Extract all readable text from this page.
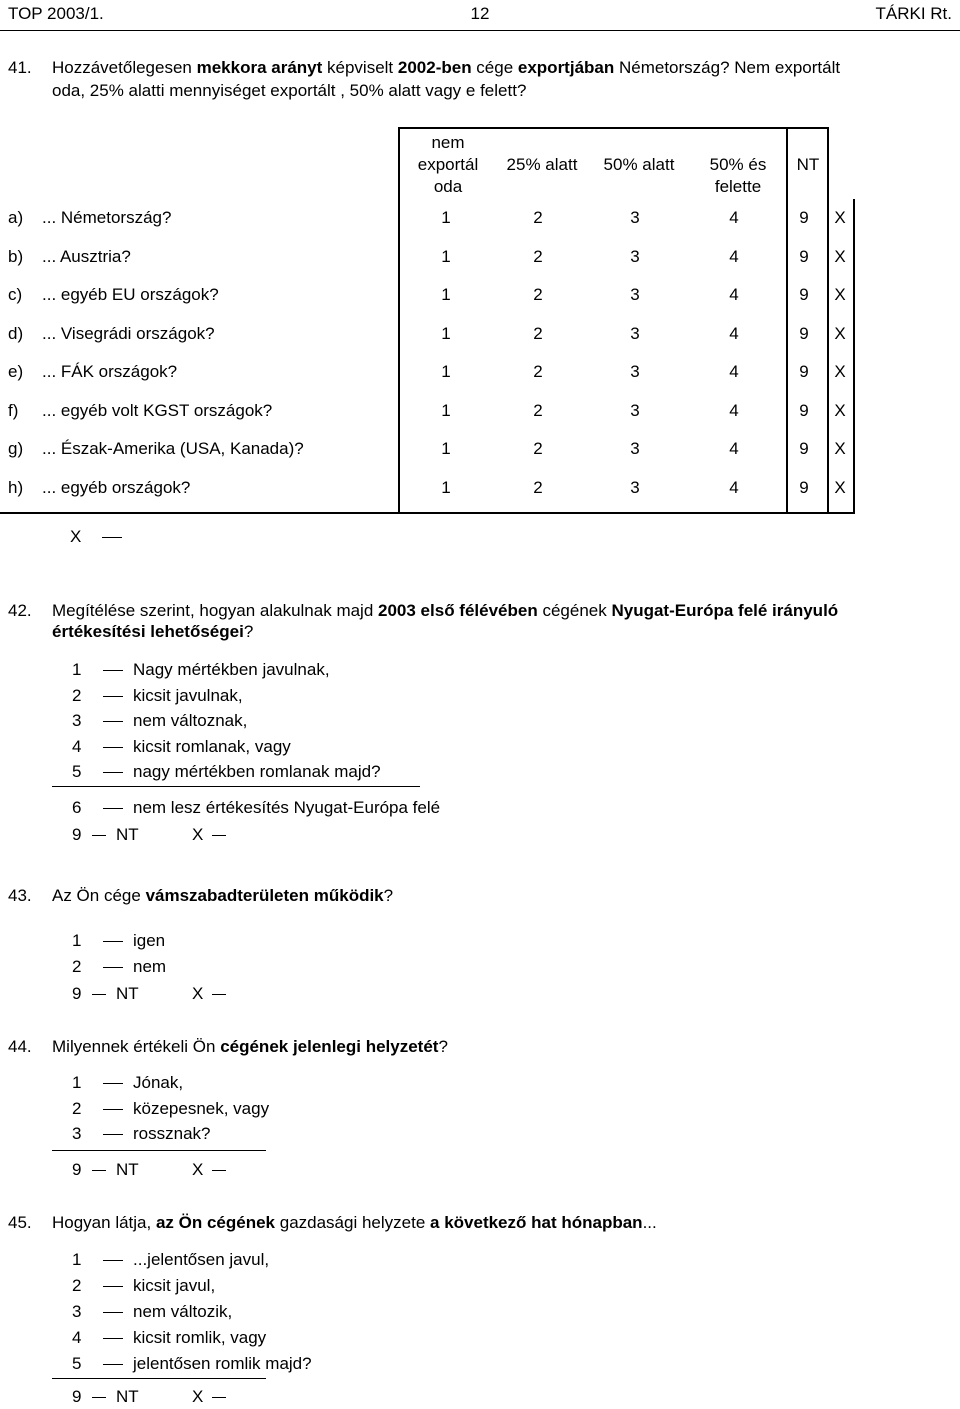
TOP 2003/1.	12	TÁRKI Rt.
41. Hozzávetőlegesen mekkora arányt képviselt 2002-ben cége exportjában Németország? Nem exportált
oda, 25% alatti mennyiséget exportált , 50% alatt vagy e felett?
nem
exportál
oda
25% alatt	50% alatt	50% és
felette
NT
a) ... Németország?	1	2	3	4	9	X
b) ... Ausztria?	1	2	3	4	9	X
c) ... egyéb EU országok?	1	2	3	4	9	X
d) ... Visegrádi országok?	1	2	3	4	9	X
e) ... FÁK országok?	1	2	3	4	9	X
f) ... egyéb volt KGST országok?	1	2	3	4	9	X
g) ... Észak-Amerika (USA, Kanada)?	1	2	3	4	9	X
h) ... egyéb országok?	1	2	3	4	9	X
X
42. Megítélése szerint, hogyan alakulnak majd 2003 első félévében cégének Nyugat-Európa felé irányuló
értékesítési lehetőségei?
1	Nagy mértékben javulnak,
2	kicsit javulnak,
3	nem változnak,
4	kicsit romlanak, vagy
5	nagy mértékben romlanak majd?
6	nem lesz értékesítés Nyugat-Európa felé
9 NT	X
43. Az Ön cége vámszabadterületen működik?
1	igen
2	nem
9 NT	X
44. Milyennek értékeli Ön cégének jelenlegi helyzetét?
1	Jónak,
2	közepesnek, vagy
3	rossznak?
9 NT	X
45. Hogyan látja, az Ön cégének gazdasági helyzete a következő hat hónapban...
1	...jelentősen javul,
2	kicsit javul,
3	nem változik,
4	kicsit romlik, vagy
5	jelentősen romlik majd?
9 NT	X
